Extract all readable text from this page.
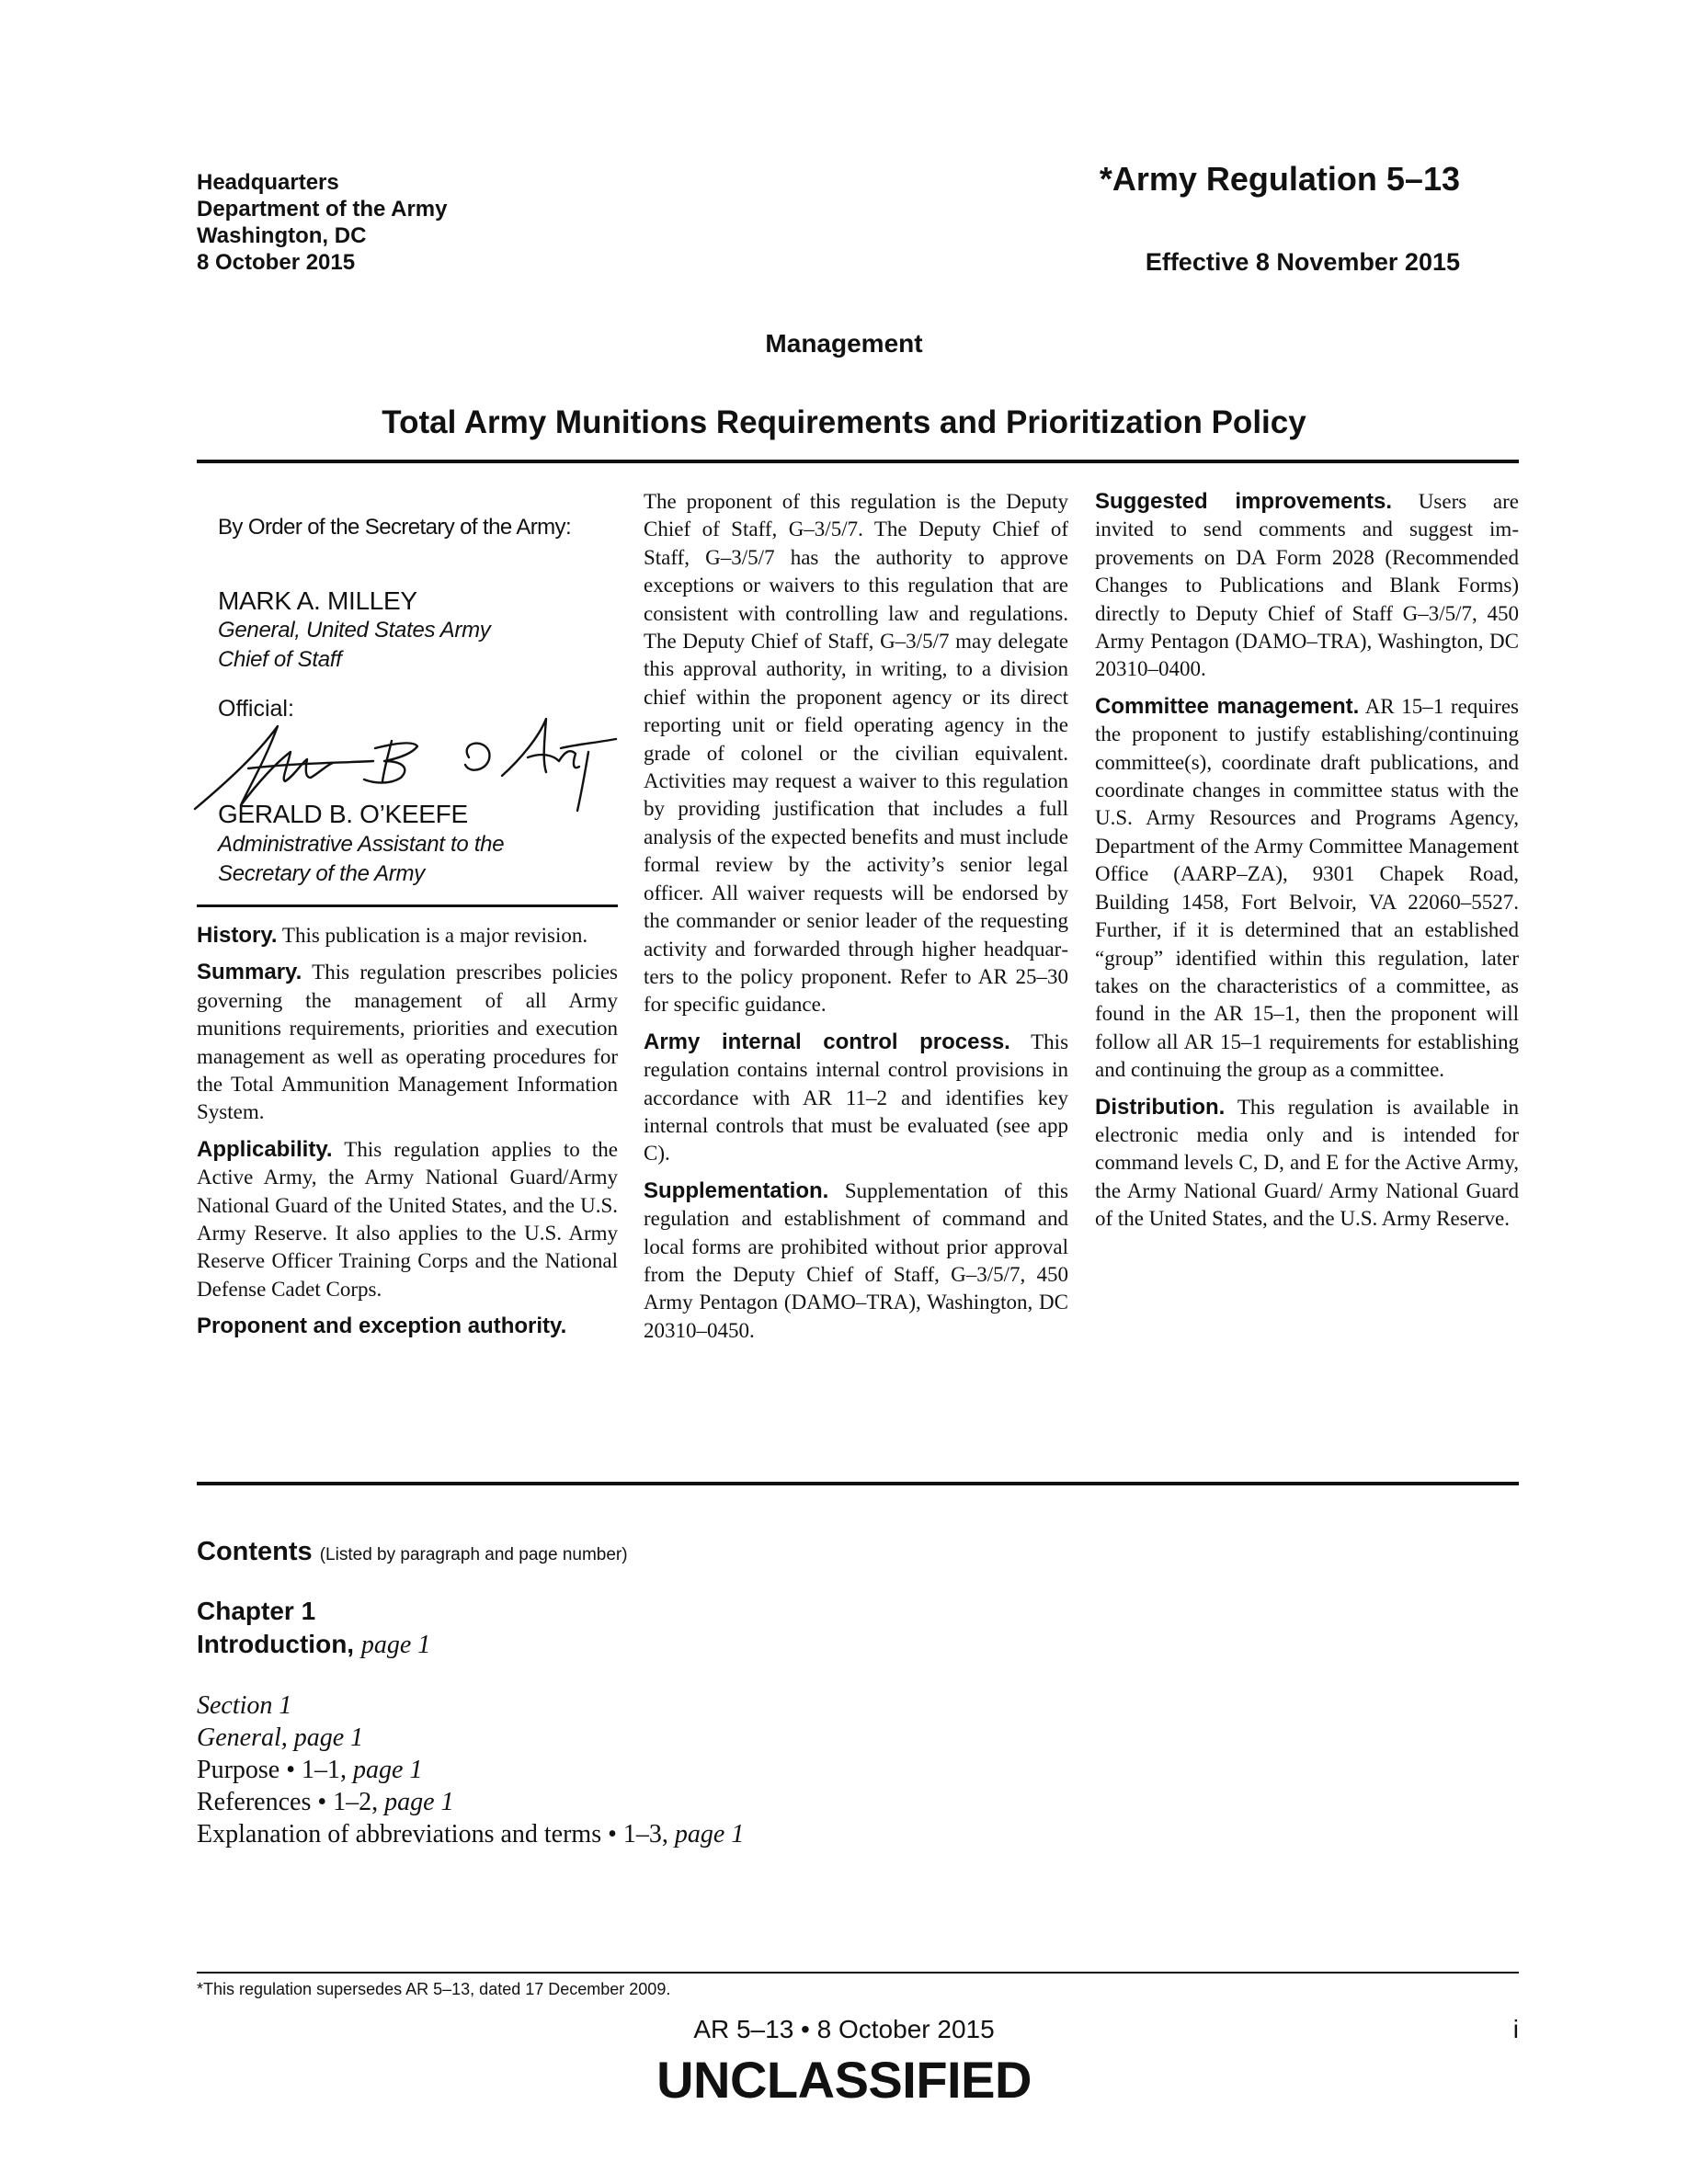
Headquarters
Department of the Army
Washington, DC
8 October 2015
*Army Regulation 5–13
Effective 8 November 2015
Management
Total Army Munitions Requirements and Prioritization Policy
By Order of the Secretary of the Army:
MARK A. MILLEY
General, United States Army
Chief of Staff
Official:
GERALD B. O’KEEFE
Administrative Assistant to the
Secretary of the Army

History. This publication is a major revision.

Summary. This regulation prescribes policies governing the management of all Army munitions requirements, priorities and execution management as well as operating procedures for the Total Ammunition Management Information System.

Applicability. This regulation applies to the Active Army, the Army National Guard/Army National Guard of the United States, and the U.S. Army Reserve. It also applies to the U.S. Army Reserve Officer Training Corps and the National Defense Cadet Corps.

Proponent and exception authority.

The proponent of this regulation is the Deputy Chief of Staff, G–3/5/7. The Deputy Chief of Staff, G–3/5/7 has the authority to approve exceptions or waivers to this regulation that are consistent with controlling law and regulations. The Deputy Chief of Staff, G–3/5/7 may delegate this approval authority, in writing, to a division chief within the proponent agency or its direct reporting unit or field operating agency in the grade of colonel or the civilian equivalent. Activities may request a waiver to this regulation by providing justification that includes a full analysis of the expected benefits and must include formal review by the activity’s senior legal officer. All waiver requests will be endorsed by the commander or senior leader of the requesting activity and forwarded through higher headquarters to the policy proponent. Refer to AR 25–30 for specific guidance.

Army internal control process. This regulation contains internal control provisions in accordance with AR 11–2 and identifies key internal controls that must be evaluated (see app C).

Supplementation. Supplementation of this regulation and establishment of command and local forms are prohibited without prior approval from the Deputy Chief of Staff, G–3/5/7, 450 Army Pentagon (DAMO–TRA), Washington, DC 20310–0450.

Suggested improvements. Users are invited to send comments and suggest improvements on DA Form 2028 (Recommended Changes to Publications and Blank Forms) directly to Deputy Chief of Staff G–3/5/7, 450 Army Pentagon (DAMO–TRA), Washington, DC 20310–0400.

Committee management. AR 15–1 requires the proponent to justify establishing/continuing committee(s), coordinate draft publications, and coordinate changes in committee status with the U.S. Army Resources and Programs Agency, Department of the Army Committee Management Office (AARP–ZA), 9301 Chapek Road, Building 1458, Fort Belvoir, VA 22060–5527. Further, if it is determined that an established “group” identified within this regulation, later takes on the characteristics of a committee, as found in the AR 15–1, then the proponent will follow all AR 15–1 requirements for establishing and continuing the group as a committee.

Distribution. This regulation is available in electronic media only and is intended for command levels C, D, and E for the Active Army, the Army National Guard/ Army National Guard of the United States, and the U.S. Army Reserve.

Contents (Listed by paragraph and page number)
Chapter 1
Introduction, page 1
Section 1
General, page 1
Purpose • 1–1, page 1
References • 1–2, page 1
Explanation of abbreviations and terms • 1–3, page 1
*This regulation supersedes AR 5–13, dated 17 December 2009.
AR 5–13 • 8 October 2015	i
UNCLASSIFIED
